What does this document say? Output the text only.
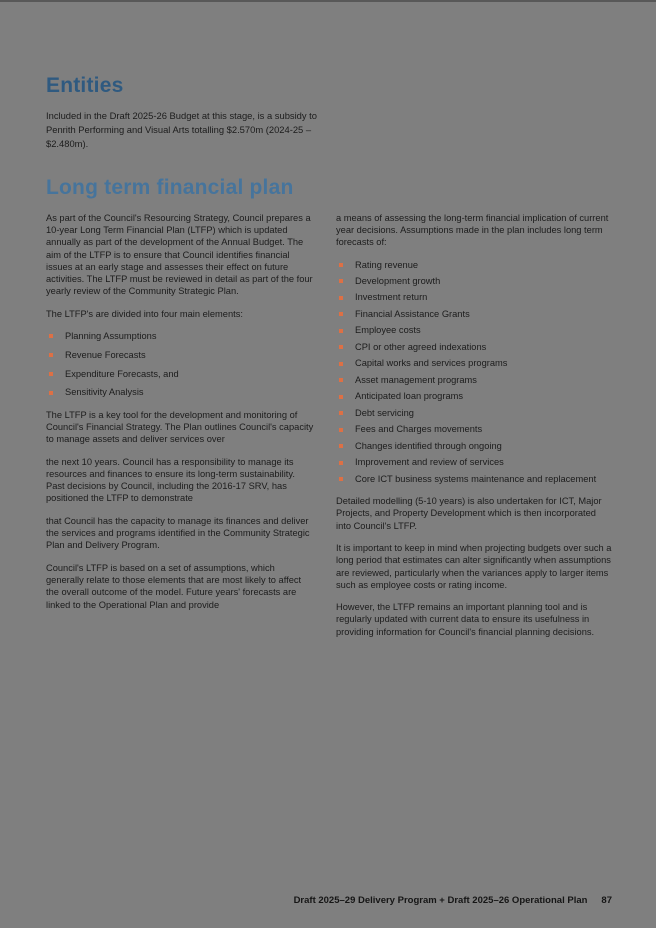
Entities

Included in the Draft 2025-26 Budget at this stage, is a subsidy to Penrith Performing and Visual Arts totalling $2.570m (2024-25 – $2.480m).

Long term financial plan

As part of the Council's Resourcing Strategy, Council prepares a 10-year Long Term Financial Plan (LTFP) which is updated annually as part of the development of the Annual Budget. The aim of the LTFP is to ensure that Council identifies financial issues at an early stage and assesses their effect on future activities. The LTFP must be reviewed in detail as part of the four yearly review of the Community Strategic Plan.

The LTFP's are divided into four main elements:

Planning Assumptions
Revenue Forecasts
Expenditure Forecasts, and
Sensitivity Analysis

The LTFP is a key tool for the development and monitoring of Council's Financial Strategy. The Plan outlines Council's capacity to manage assets and deliver services over

the next 10 years. Council has a responsibility to manage its resources and finances to ensure its long-term sustainability. Past decisions by Council, including the 2016-17 SRV, has positioned the LTFP to demonstrate

that Council has the capacity to manage its finances and deliver the services and programs identified in the Community Strategic Plan and Delivery Program.

Council's LTFP is based on a set of assumptions, which generally relate to those elements that are most likely to affect the overall outcome of the model. Future years' forecasts are linked to the Operational Plan and provide

a means of assessing the long-term financial implication of current year decisions. Assumptions made in the plan includes long term forecasts of:

Rating revenue
Development growth
Investment return
Financial Assistance Grants
Employee costs
CPI or other agreed indexations
Capital works and services programs
Asset management programs
Anticipated loan programs
Debt servicing
Fees and Charges movements
Changes identified through ongoing
Improvement and review of services
Core ICT business systems maintenance and replacement

Detailed modelling (5-10 years) is also undertaken for ICT, Major Projects, and Property Development which is then incorporated into Council's LTFP.

It is important to keep in mind when projecting budgets over such a long period that estimates can alter significantly when assumptions are reviewed, particularly when the variances apply to larger items such as employee costs or rating income.

However, the LTFP remains an important planning tool and is regularly updated with current data to ensure its usefulness in providing information for Council's financial planning decisions.

Draft 2025–29 Delivery Program + Draft 2025–26 Operational Plan 87
